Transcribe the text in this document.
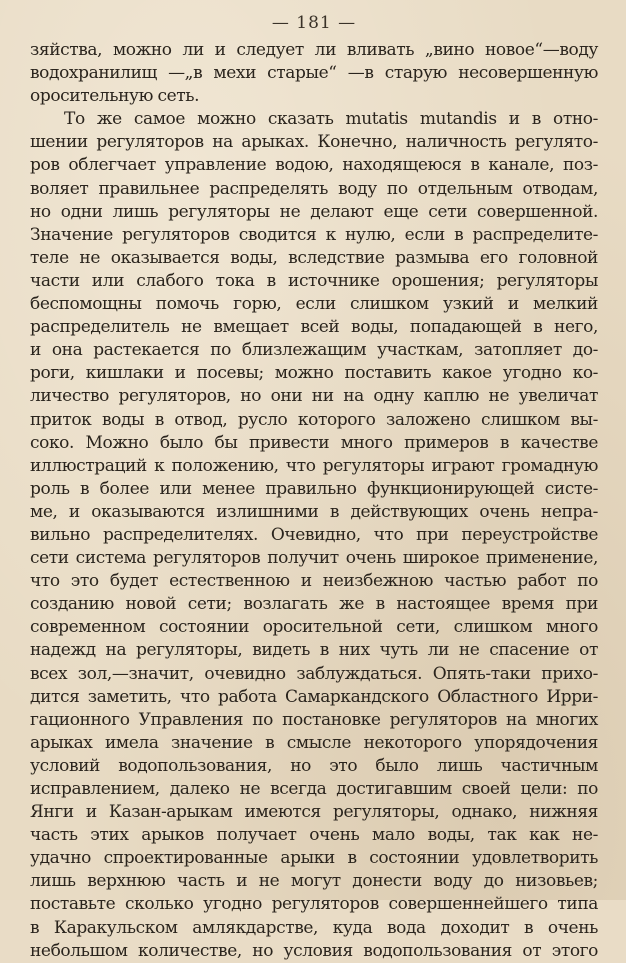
— 181 —
зяйства, можно ли и следует ли вливать „вино новое“—воду
водохранилищ —„в мехи старые“ —в старую несовершенную
оросительную сеть.
То же самое можно сказать mutatis mutandis и в отно-
шении регуляторов на арыках. Конечно, наличность регулято-
ров облегчает управление водою, находящеюся в канале, поз-
воляет правильнее распределять воду по отдельным отводам,
но одни лишь регуляторы не делают еще сети совершенной.
Значение регуляторов сводится к нулю, если в распределите-
теле не оказывается воды, вследствие размыва его головной
части или слабого тока в источнике орошения; регуляторы
беспомощны помочь горю, если слишком узкий и мелкий
распределитель не вмещает всей воды, попадающей в него,
и она растекается по близлежащим участкам, затопляет до-
роги, кишлаки и посевы; можно поставить какое угодно ко-
личество регуляторов, но они ни на одну каплю не увеличат
приток воды в отвод, русло которого заложено слишком вы-
соко. Можно было бы привести много примеров в качестве
иллюстраций к положению, что регуляторы играют громадную
роль в более или менее правильно функционирующей систе-
ме, и оказываются излишними в действующих очень непра-
вильно распределителях. Очевидно, что при переустройстве
сети система регуляторов получит очень широкое применение,
что это будет естественною и неизбежною частью работ по
созданию новой сети; возлагать же в настоящее время при
современном состоянии оросительной сети, слишком много
надежд на регуляторы, видеть в них чуть ли не спасение от
всех зол,—значит, очевидно заблуждаться. Опять-таки прихо-
дится заметить, что работа Самаркандского Областного Ирри-
гационного Управления по постановке регуляторов на многих
арыках имела значение в смысле некоторого упорядочения
условий водопользования, но это было лишь частичным
исправлением, далеко не всегда достигавшим своей цели: по
Янги и Казан-арыкам имеются регуляторы, однако, нижняя
часть этих арыков получает очень мало воды, так как не-
удачно спроектированные арыки в состоянии удовлетворить
лишь верхнюю часть и не могут донести воду до низовьев;
поставьте сколько угодно регуляторов совершеннейшего типа
в Каракульском амлякдарстве, куда вода доходит в очень
небольшом количестве, но условия водопользования от этого
